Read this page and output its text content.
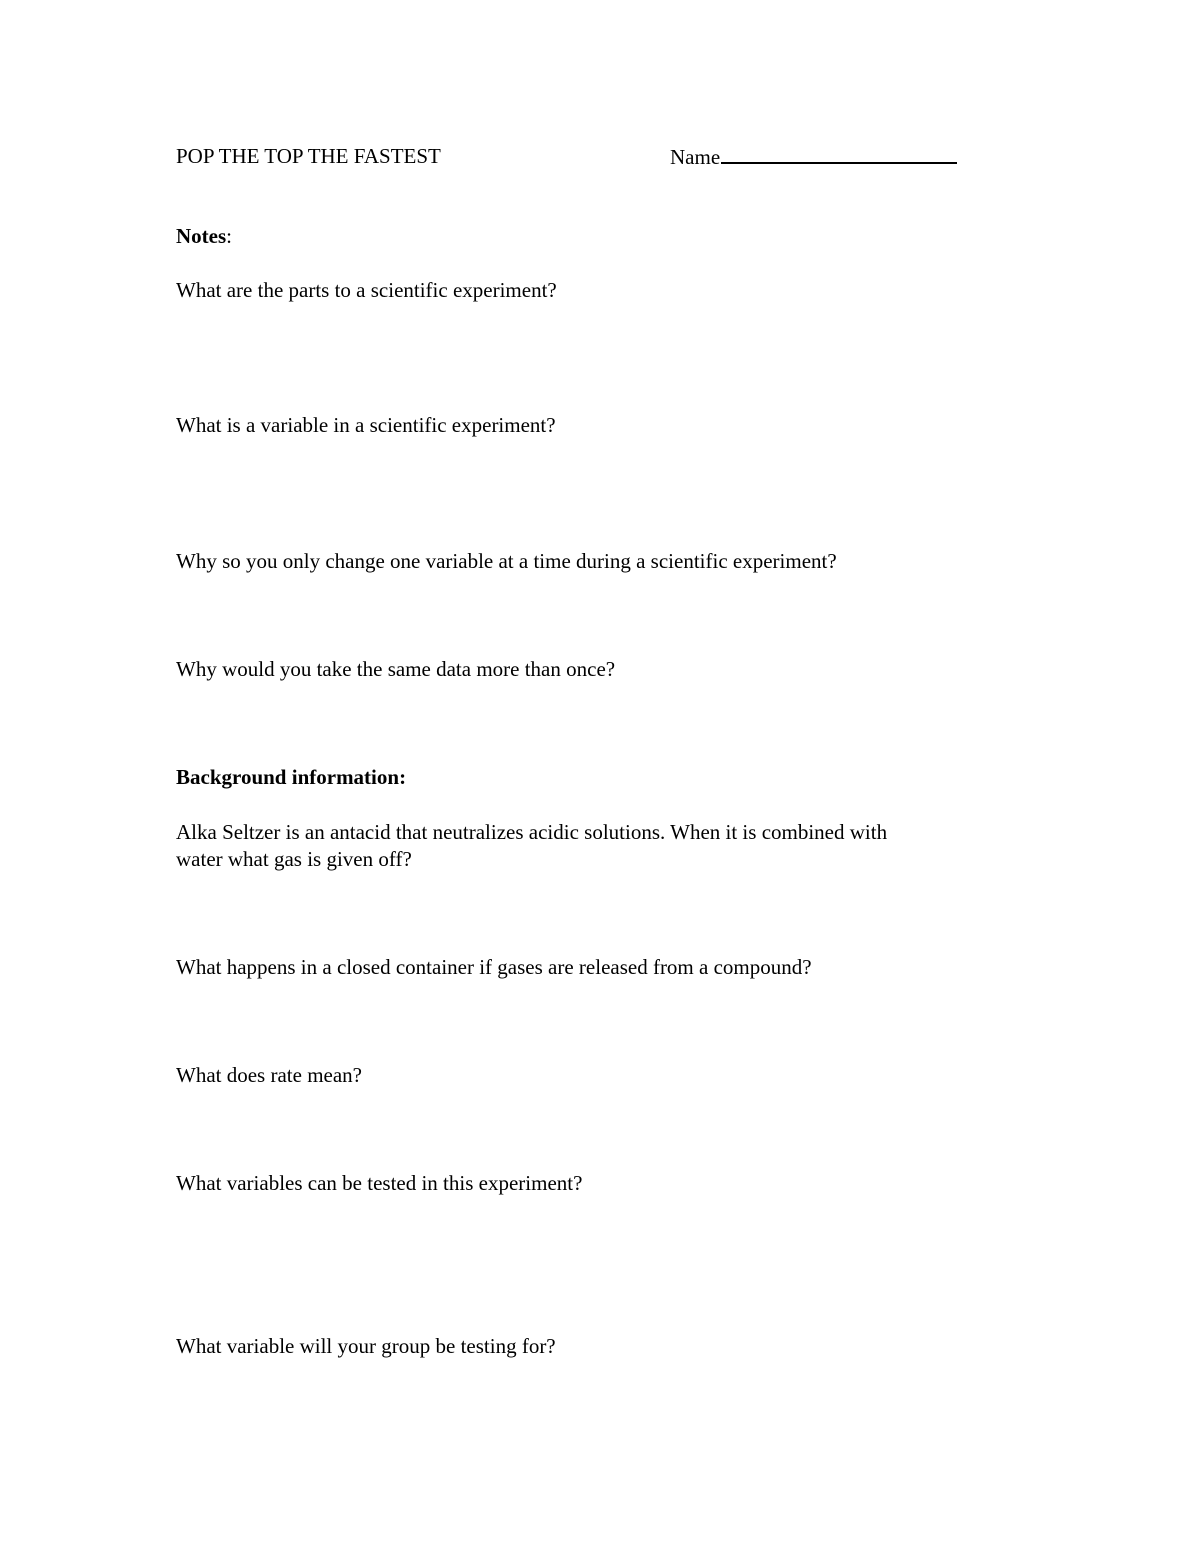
POP THE TOP THE FASTEST	Name
Notes:
What are the parts to a scientific experiment?
What is a variable in a scientific experiment?
Why so you only change one variable at a time during a scientific experiment?
Why would you take the same data more than once?
Background information:
Alka Seltzer is an antacid that neutralizes acidic solutions. When it is combined with
water what gas is given off?
What happens in a closed container if gases are released from a compound?
What does rate mean?
What variables can be tested in this experiment?
What variable will your group be testing for?
